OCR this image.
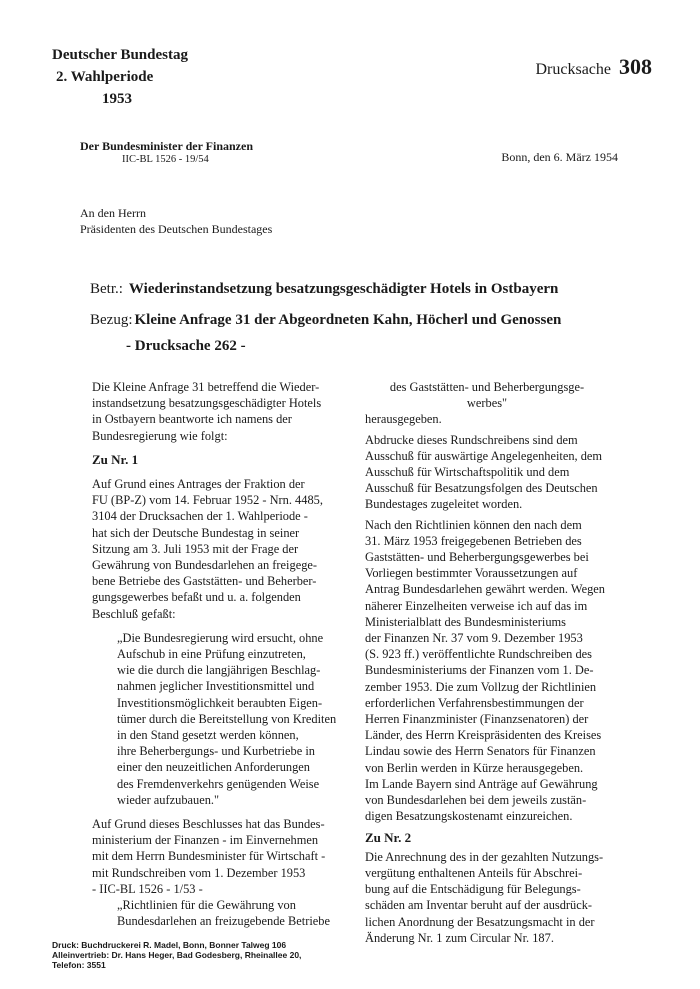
Deutscher Bundestag
2. Wahlperiode
1953
Drucksache 308
Der Bundesminister der Finanzen
IIC-BL 1526 - 19/54	Bonn, den 6. März 1954
An den Herrn
Präsidenten des Deutschen Bundestages
Betr.: Wiederinstandsetzung besatzungsgeschädigter Hotels in Ostbayern
Bezug: Kleine Anfrage 31 der Abgeordneten Kahn, Höcherl und Genossen
- Drucksache 262 -

Die Kleine Anfrage 31 betreffend die Wieder-

instandsetzung besatzungsgeschädigter Hotels

in Ostbayern beantworte ich namens der

Bundesregierung wie folgt:

Zu Nr. 1

Auf Grund eines Antrages der Fraktion der

FU (BP-Z) vom 14. Februar 1952 - Nrn. 4485,

3104 der Drucksachen der 1. Wahlperiode -

hat sich der Deutsche Bundestag in seiner

Sitzung am 3. Juli 1953 mit der Frage der

Gewährung von Bundesdarlehen an freigege-

bene Betriebe des Gaststätten- und Beherber-

gungsgewerbes befaßt und u. a. folgenden

Beschluß gefaßt:

„Die Bundesregierung wird ersucht, ohne

Aufschub in eine Prüfung einzutreten,

wie die durch die langjährigen Beschlag-

nahmen jeglicher Investitionsmittel und

Investitionsmöglichkeit beraubten Eigen-

tümer durch die Bereitstellung von Krediten

in den Stand gesetzt werden können,

ihre Beherbergungs- und Kurbetriebe in

einer den neuzeitlichen Anforderungen

des Fremdenverkehrs genügenden Weise

wieder aufzubauen."

Auf Grund dieses Beschlusses hat das Bundes-

ministerium der Finanzen - im Einvernehmen

mit dem Herrn Bundesminister für Wirtschaft -

mit Rundschreiben vom 1. Dezember 1953

- IIC-BL 1526 - 1/53 -

„Richtlinien für die Gewährung von

Bundesdarlehen an freizugebende Betriebe

des Gaststätten- und Beherbergungsge-

werbes"

herausgegeben.

Abdrucke dieses Rundschreibens sind dem

Ausschuß für auswärtige Angelegenheiten, dem

Ausschuß für Wirtschaftspolitik und dem

Ausschuß für Besatzungsfolgen des Deutschen

Bundestages zugeleitet worden.

Nach den Richtlinien können den nach dem

31. März 1953 freigegebenen Betrieben des

Gaststätten- und Beherbergungsgewerbes bei

Vorliegen bestimmter Voraussetzungen auf

Antrag Bundesdarlehen gewährt werden. Wegen

näherer Einzelheiten verweise ich auf das im

Ministerialblatt des Bundesministeriums

der Finanzen Nr. 37 vom 9. Dezember 1953

(S. 923 ff.) veröffentlichte Rundschreiben des

Bundesministeriums der Finanzen vom 1. De-

zember 1953. Die zum Vollzug der Richtlinien

erforderlichen Verfahrensbestimmungen der

Herren Finanzminister (Finanzsenatoren) der

Länder, des Herrn Kreispräsidenten des Kreises

Lindau sowie des Herrn Senators für Finanzen

von Berlin werden in Kürze herausgegeben.

Im Lande Bayern sind Anträge auf Gewährung

von Bundesdarlehen bei dem jeweils zustän-

digen Besatzungskostenamt einzureichen.

Zu Nr. 2

Die Anrechnung des in der gezahlten Nutzungs-

vergütung enthaltenen Anteils für Abschrei-

bung auf die Entschädigung für Belegungs-

schäden am Inventar beruht auf der ausdrück-

lichen Anordnung der Besatzungsmacht in der

Änderung Nr. 1 zum Circular Nr. 187.

Druck: Buchdruckerei R. Madel, Bonn, Bonner Talweg 106
Alleinvertrieb: Dr. Hans Heger, Bad Godesberg, Rheinallee 20,
Telefon: 3551
